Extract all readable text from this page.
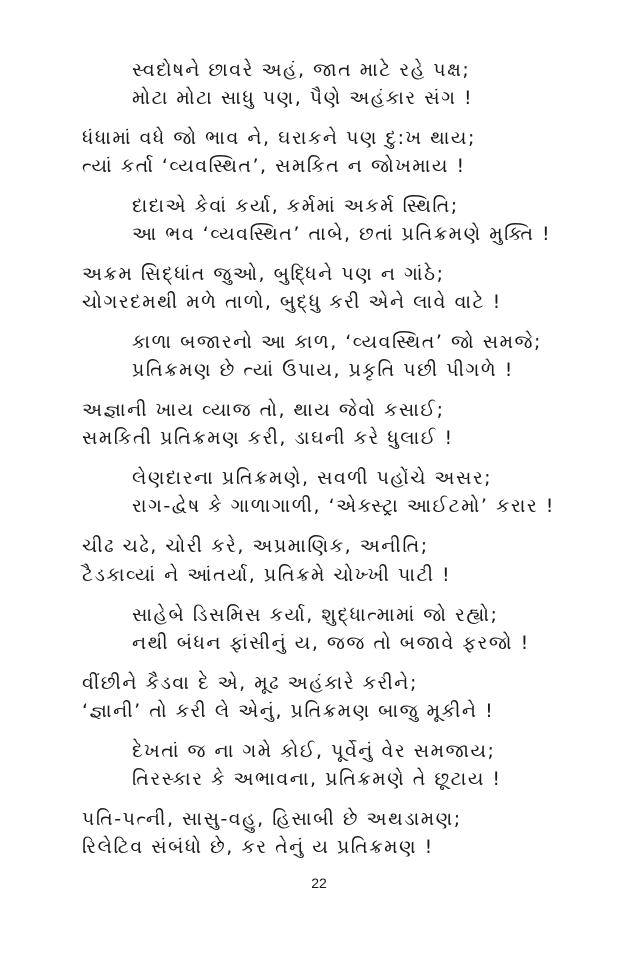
સ્વદોષને છાવરે અહં, જાત માટે રહે પક્ષ;
મોટા મોટા સાધુ પણ, પૈણે અહંકાર સંગ !
ધંધામાં વધે જો ભાવ ને, ઘરાકને પણ દુ:ખ થાય;
ત્યાં કર્તા ‘વ્યવસ્થિત’, સમકિત ન જોખમાય !
દાદાએ કેવાં કર્યા, કર્મમાં અકર્મ સ્થિતિ;
આ ભવ ‘વ્યવસ્થિત’ તાબે, છતાં પ્રતિક્રમણે મુક્તિ !
અક્રમ સિદ્ધાંત જુઓ, બુદ્ધિને પણ ન ગાંઠે;
ચોગરદમથી મળે તાળો, બુદ્ધુ કરી એને લાવે વાટે !
કાળા બજારનો આ કાળ, ‘વ્યવસ્થિત’ જો સમજે;
પ્રતિક્રમણ છે ત્યાં ઉપાય, પ્રકૃતિ પછી પીગળે !
અજ્ઞાની ખાય વ્યાજ તો, થાય જેવો કસાઈ;
સમકિતી પ્રતિક્રમણ કરી, ડાઘની કરે ધુલાઈ !
લેણદારના પ્રતિક્રમણે, સવળી પહોંચે અસર;
રાગ-દ્વેષ કે ગાળાગાળી, ‘એક્સ્ટ્રા આઈટમો’ કરાર !
ચીઢ ચઢે, ચોરી કરે, અપ્રમાણિક, અનીતિ;
ટૈડકાવ્યાં ને આંતર્યા, પ્રતિક્રમે ચોખ્ખી પાટી !
સાહેબે ડિસમિસ કર્યા, શુદ્ધાત્મામાં જો રહ્યો;
નથી બંધન ફાંસીનું ય, જજ તો બજાવે ફરજો !
વીંછીને કૈડવા દે એ, મૂઢ અહંકારે કરીને;
‘જ્ઞાની’ તો કરી લે એનું, પ્રતિક્રમણ બાજુ મૂકીને !
દેખતાં જ ના ગમે કોઈ, પૂર્વેનું વેર સમજાય;
તિરસ્કાર કે અભાવના, પ્રતિક્રમણે તે છૂટાય !
પતિ-પત્ની, સાસુ-વહુ, હિસાબી છે અથડામણ;
રિલેટિવ સંબંધો છે, કર તેનું ય પ્રતિક્રમણ !
22
